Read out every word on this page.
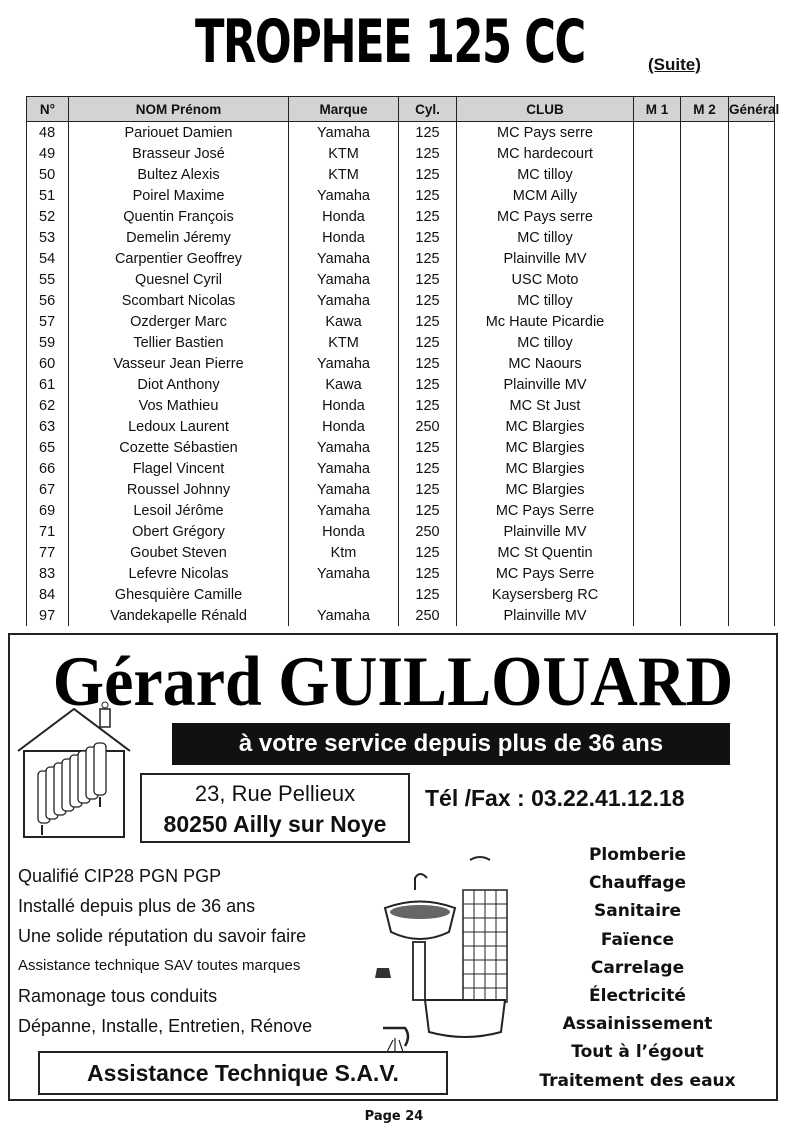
TROPHEE 125 CC	(Suite)
N°	NOM Prénom	Marque	Cyl.	CLUB	M 1	M 2	Général
48	Pariouet Damien	Yamaha	125	MC Pays serre			
49	Brasseur José	KTM	125	MC hardecourt			
50	Bultez Alexis	KTM	125	MC tilloy			
51	Poirel Maxime	Yamaha	125	MCM Ailly			
52	Quentin François	Honda	125	MC Pays serre			
53	Demelin Jéremy	Honda	125	MC tilloy			
54	Carpentier Geoffrey	Yamaha	125	Plainville MV			
55	Quesnel Cyril	Yamaha	125	USC Moto			
56	Scombart Nicolas	Yamaha	125	MC tilloy			
57	Ozderger Marc	Kawa	125	Mc Haute Picardie			
59	Tellier Bastien	KTM	125	MC tilloy			
60	Vasseur Jean Pierre	Yamaha	125	MC Naours			
61	Diot Anthony	Kawa	125	Plainville MV			
62	Vos Mathieu	Honda	125	MC St Just			
63	Ledoux Laurent	Honda	250	MC Blargies			
65	Cozette Sébastien	Yamaha	125	MC Blargies			
66	Flagel Vincent	Yamaha	125	MC Blargies			
67	Roussel Johnny	Yamaha	125	MC Blargies			
69	Lesoil Jérôme	Yamaha	125	MC Pays Serre			
71	Obert Grégory	Honda	250	Plainville MV			
77	Goubet Steven	Ktm	125	MC St Quentin			
83	Lefevre Nicolas	Yamaha	125	MC Pays Serre			
84	Ghesquière Camille		125	Kaysersberg RC			
97	Vandekapelle Rénald	Yamaha	250	Plainville MV			
Gérard GUILLOUARD
à votre service depuis plus de 36 ans
23, Rue Pellieux
80250 Ailly sur Noye
Tél /Fax : 03.22.41.12.18
Qualifié CIP28 PGN PGP
Installé depuis plus de 36 ans
Une solide réputation du savoir faire
Assistance technique SAV toutes marques
Ramonage tous conduits
Dépanne, Installe, Entretien, Rénove
Plomberie
Chauffage
Sanitaire
Faïence
Carrelage
Électricité
Assainissement
Tout à l’égout
Traitement des eaux
Assistance Technique S.A.V.
Page 24
